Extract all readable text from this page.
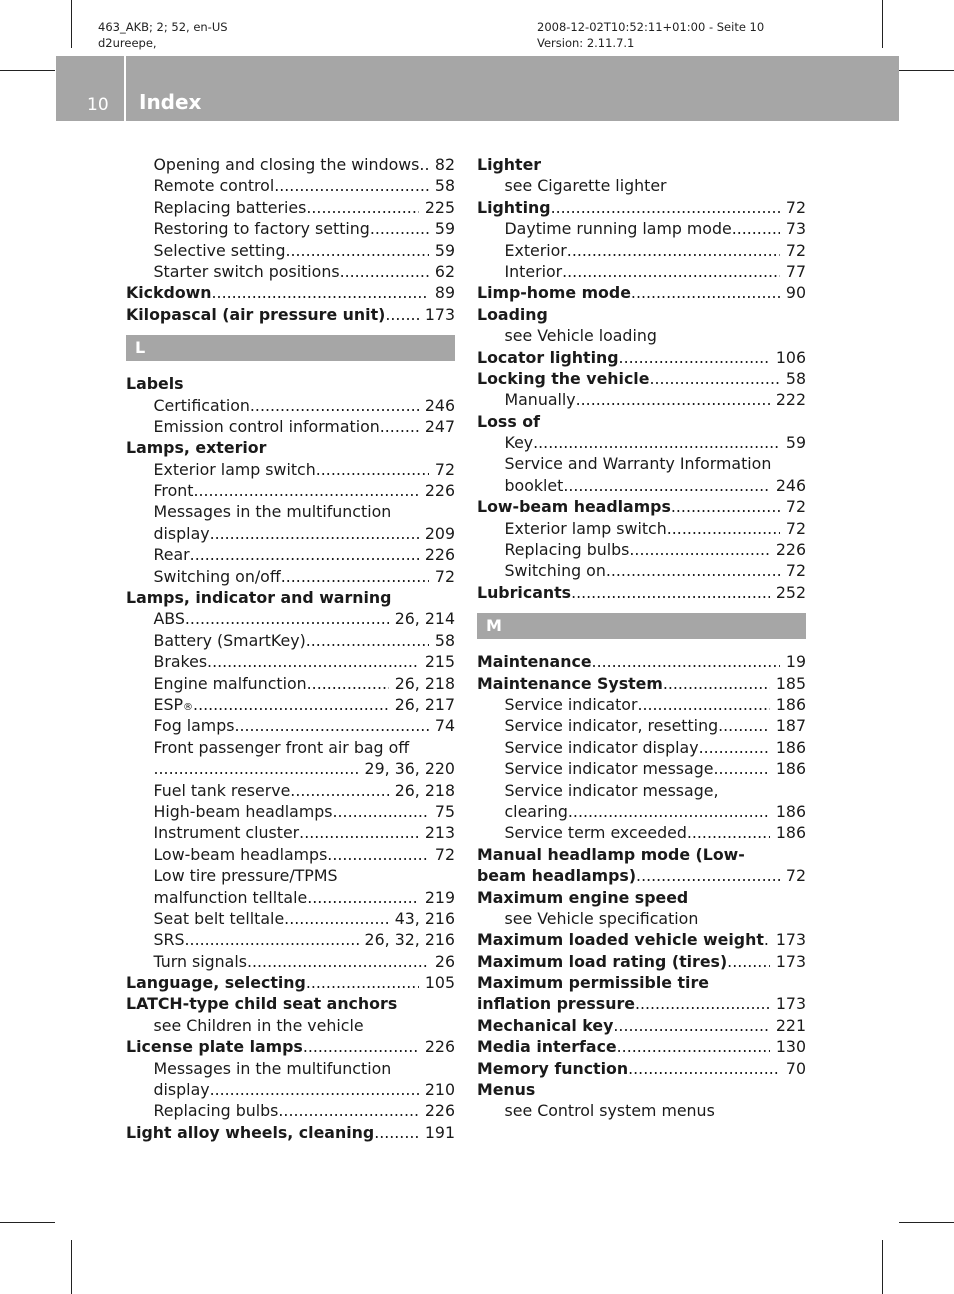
463_AKB; 2; 52, en-US
d2ureepe,
2008-12-02T10:52:11+01:00 - Seite 10
Version: 2.11.7.1
10 Index
Opening and closing the windows ..... 82
Remote control .....	58
Replacing batteries .....	225
Restoring to factory setting .....	59
Selective setting .....	59
Starter switch positions .....	62
Kickdown .....	89
Kilopascal (air pressure unit) .....	173
L
Labels
Certification .....	246
Emission control information .....	247
Lamps, exterior
Exterior lamp switch .....	72
Front .....	226
Messages in the multifunction
display .....	209
Rear .....	226
Switching on/off .....	72
Lamps, indicator and warning
ABS .....	26, 214
Battery (SmartKey) .....	58
Brakes .....	215
Engine malfunction .....	26, 218
ESP ® .....	26, 217
Fog lamps .....	74
Front passenger front air bag off
.....
29, 36, 220
Fuel tank reserve .....	26, 218
High-beam headlamps .....	75
Instrument cluster .....	213
Low-beam headlamps .....	72
Low tire pressure/TPMS
malfunction telltale .....	219
Seat belt telltale .....	43, 216
SRS .....	26, 32, 216
Turn signals .....	26
Language, selecting .....	105
LATCH-type child seat anchors
see Children in the vehicle
License plate lamps .....	226
Messages in the multifunction
display .....	210
Replacing bulbs .....	226
Light alloy wheels, cleaning .....	191
Lighter
see Cigarette lighter
Lighting .....	72
Daytime running lamp mode .....	73
Exterior .....	72
Interior .....	77
Limp-home mode .....	90
Loading
see Vehicle loading
Locator lighting .....	106
Locking the vehicle .....	58
Manually .....	222
Loss of
Key .....	59
Service and Warranty Information
booklet .....	246
Low-beam headlamps .....	72
Exterior lamp switch .....	72
Replacing bulbs .....	226
Switching on .....	72
Lubricants .....	252
M
Maintenance .....	19
Maintenance System .....	185
Service indicator .....	186
Service indicator, resetting .....	187
Service indicator display .....	186
Service indicator message .....	186
Service indicator message,
clearing .....	186
Service term exceeded .....	186
Manual headlamp mode (Low-
beam headlamps) .....	72
Maximum engine speed
see Vehicle specification
Maximum loaded vehicle weight ..... 173
Maximum load rating (tires) .....	173
Maximum permissible tire
inflation pressure .....	173
Mechanical key .....	221
Media interface .....	130
Memory function .....	70
Menus
see Control system menus
